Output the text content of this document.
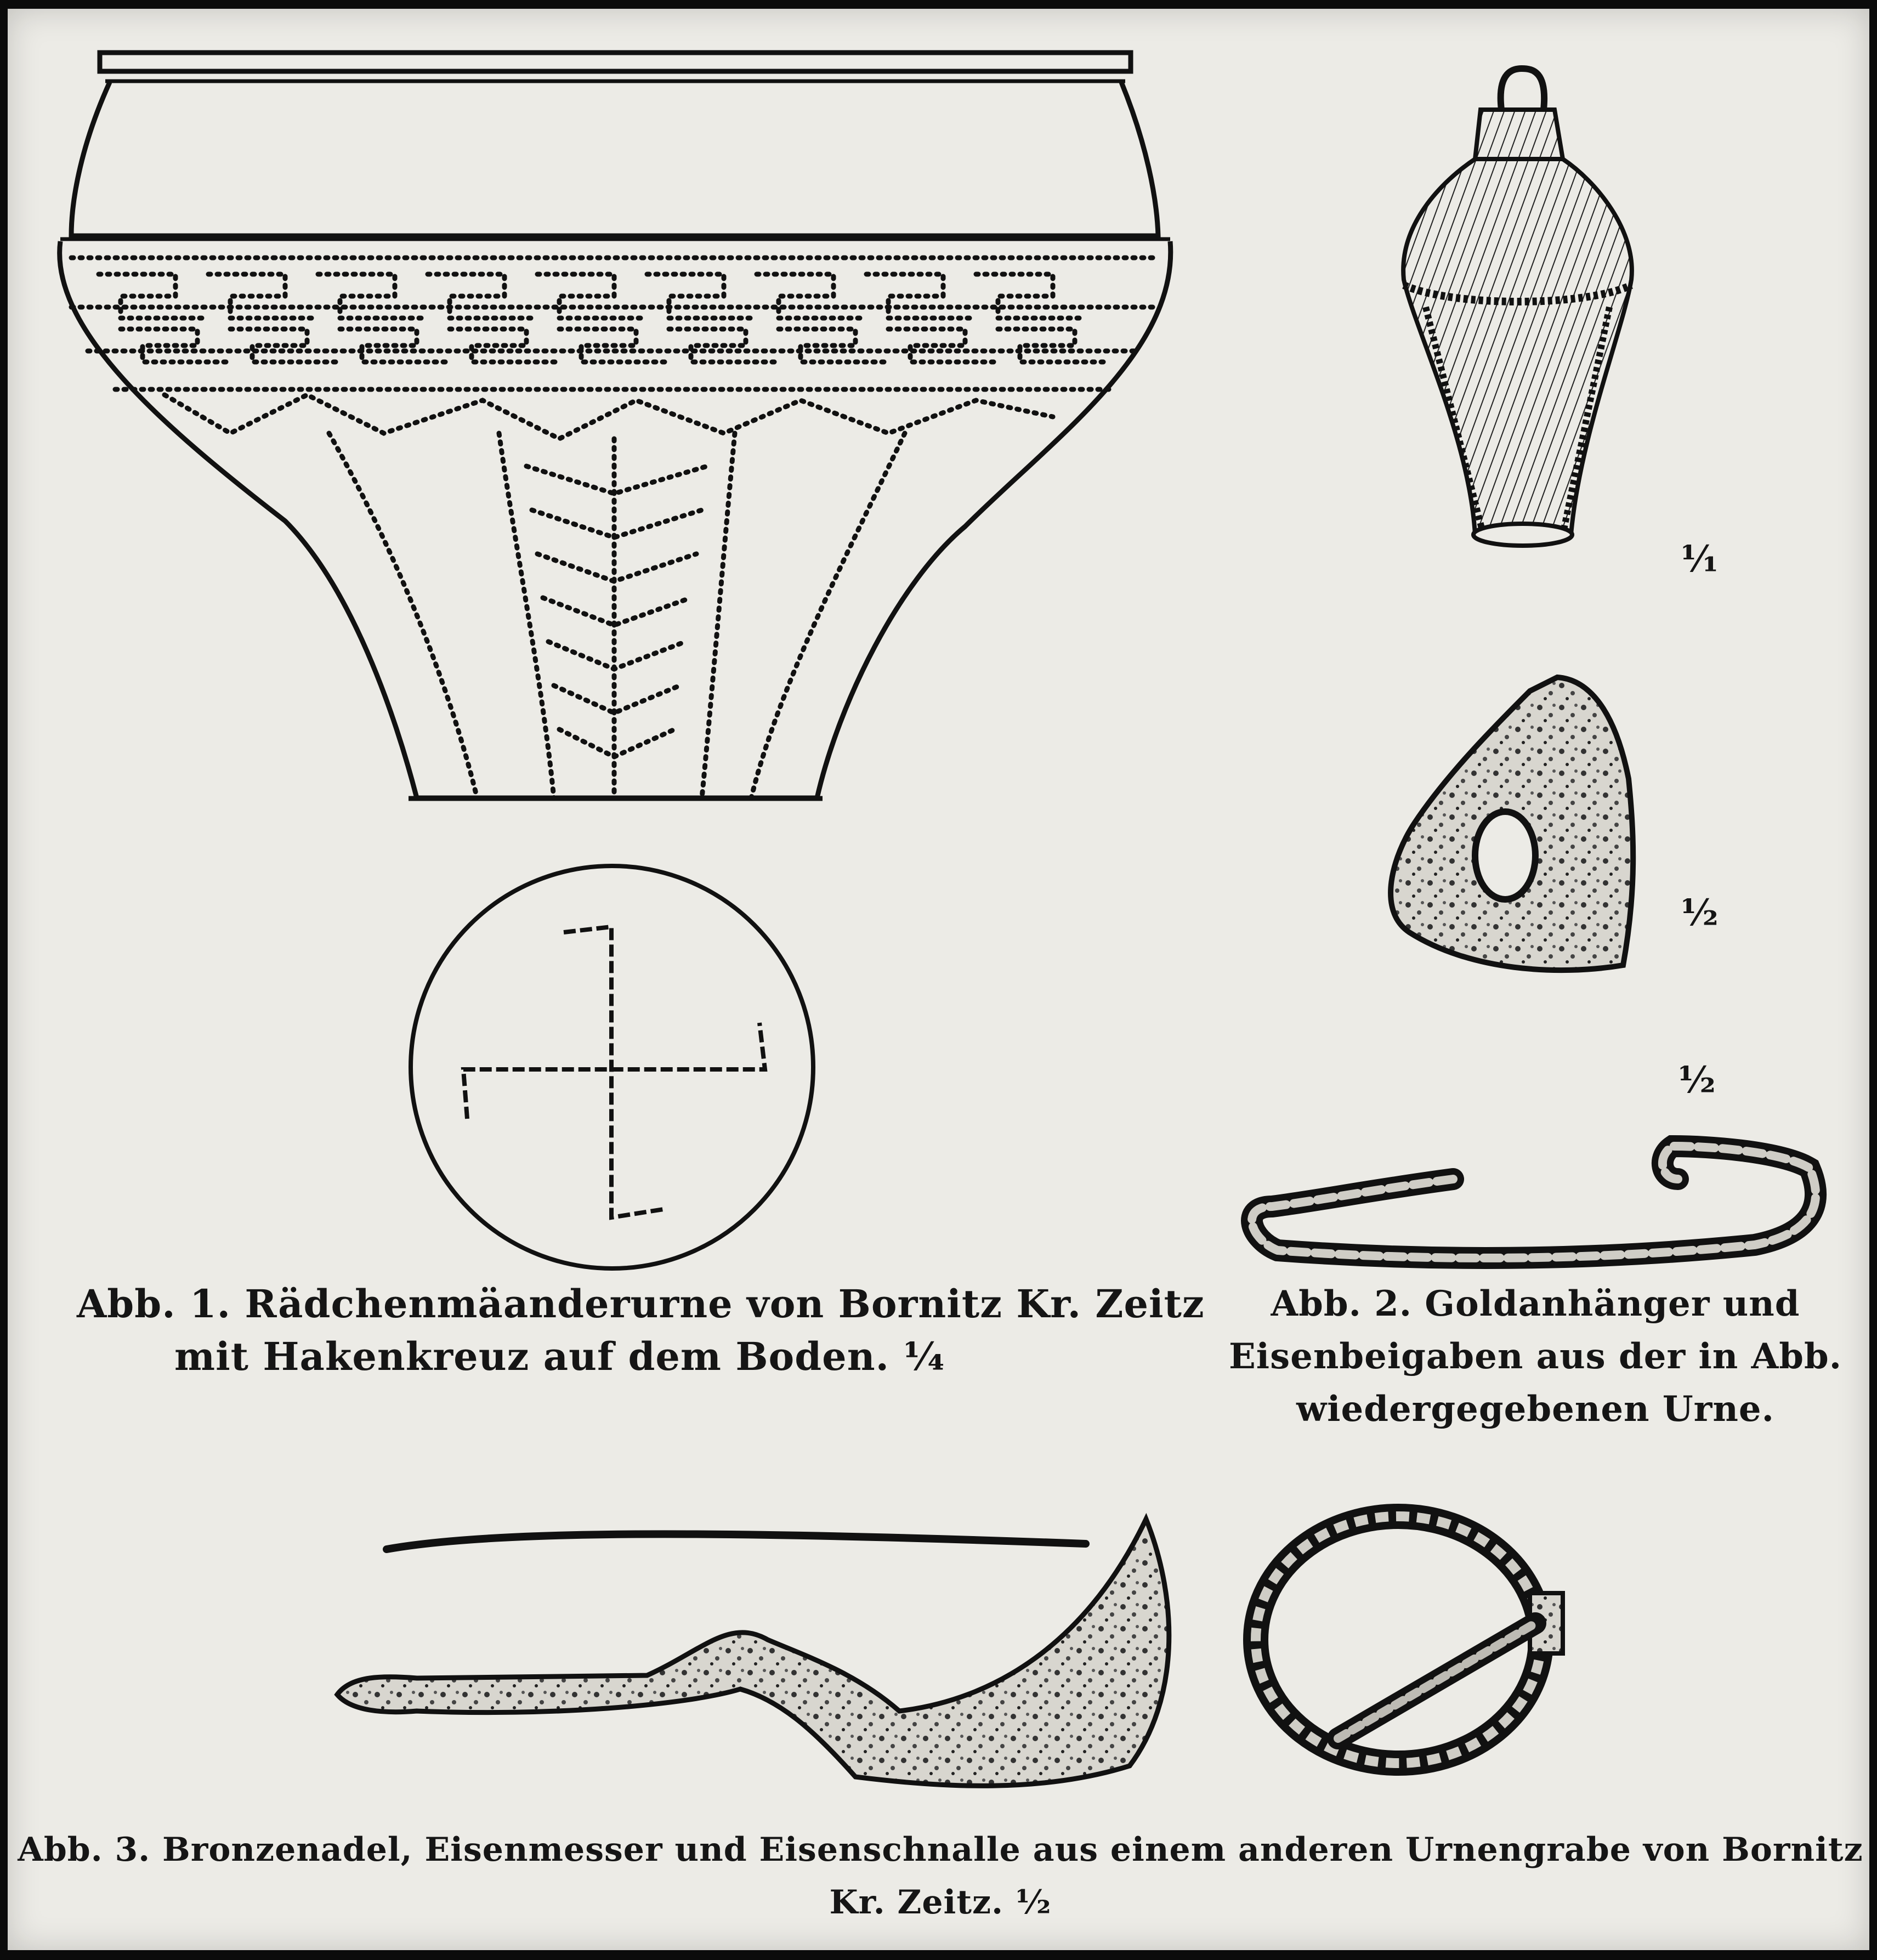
Abb. 1. Rädchenmäanderurne von Bornitz Kr. Zeitz
mit Hakenkreuz auf dem Boden. ¹⁄₄
Abb. 2. Goldanhänger und
Eisenbeigaben aus der in Abb.
wiedergegebenen Urne.
¹⁄₁
¹⁄₂
¹⁄₂
Abb. 3. Bronzenadel, Eisenmesser und Eisenschnalle aus einem anderen Urnengrabe von Bornitz
Kr. Zeitz. ¹⁄₂
